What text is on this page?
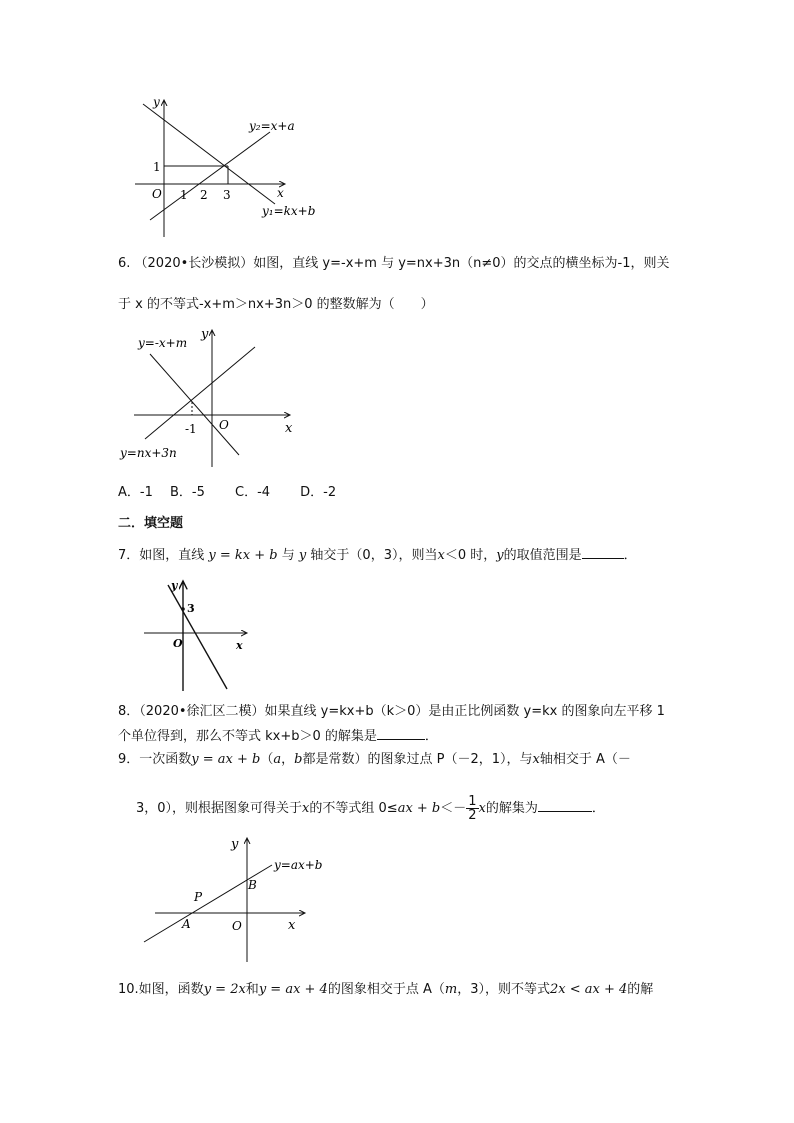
y
x
O
1
1 2 3
y₂=x+a
y₁=kx+b
6. （2020•长沙模拟）如图，直线 y=-x+m 与 y=nx+3n（n≠0）的交点的横坐标为-1，则关
于 x 的不等式-x+m＞nx+3n＞0 的整数解为（　　）
y
x
O
-1
y=-x+m
y=nx+3n
A．-1　 B．-5　　 C．-4　　 D．-2
二．填空题
7．如图，直线 y = kx + b 与 y 轴交于（0，3），则当x＜0 时，y的取值范围是	．
y
x
O
3
8．（2020•徐汇区二模）如果直线 y=kx+b（k＞0）是由正比例函数 y=kx 的图象向左平移 1
个单位得到，那么不等式 kx+b＞0 的解集是	．
9．一次函数y = ax + b（a，b都是常数）的图象过点 P（－2，1），与x轴相交于 A（－
3，0），则根据图象可得关于x的不等式组 $0\le ax + b<- \frac{1}{2}$ x的解集为	．
y
x
O
P
A
B
y=ax+b
10.如图，函数y = 2x和y = ax + 4的图象相交于点 A（m，3），则不等式2x < ax + 4的解
